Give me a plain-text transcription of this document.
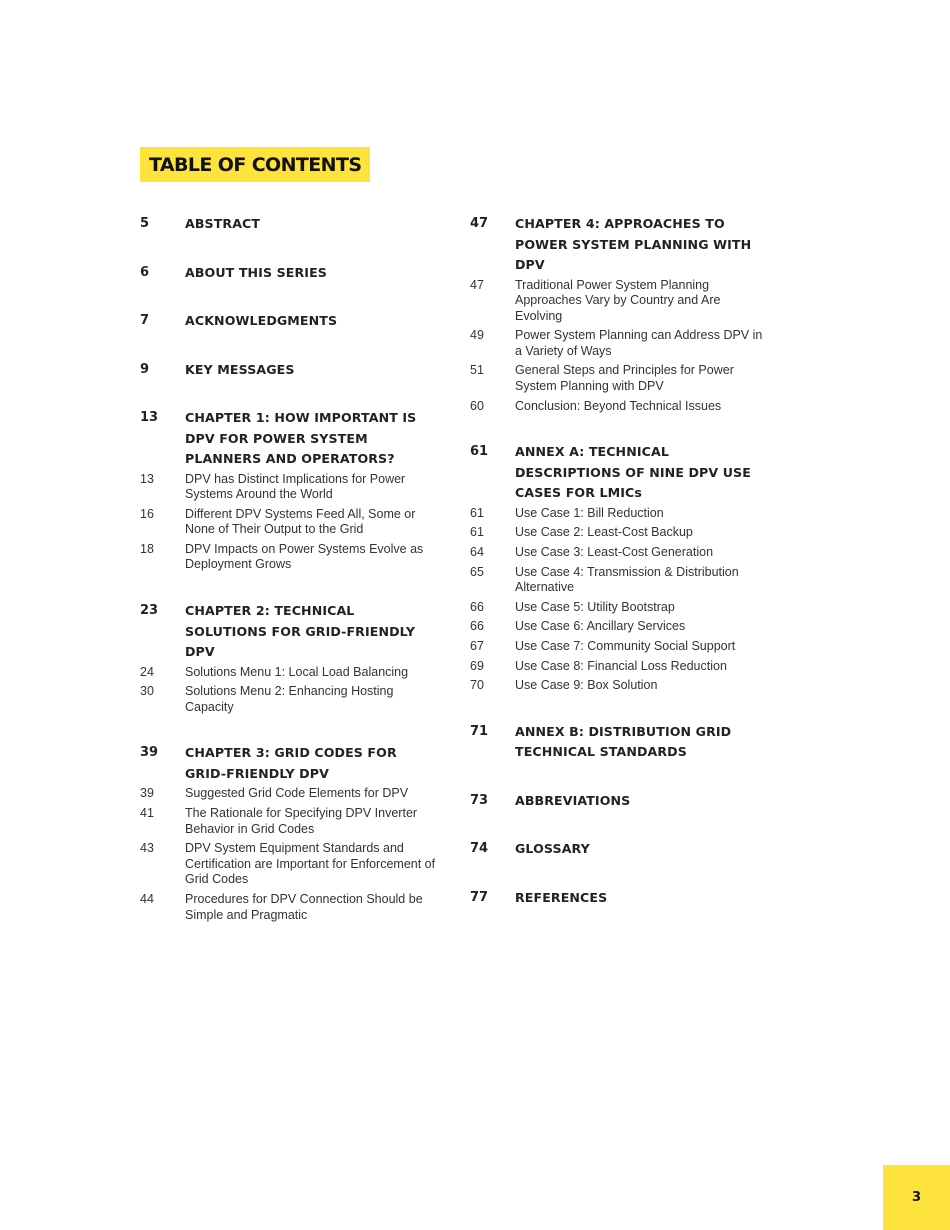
TABLE OF CONTENTS
5	ABSTRACT
6	ABOUT THIS SERIES
7	ACKNOWLEDGMENTS
9	KEY MESSAGES
13	CHAPTER 1: HOW IMPORTANT IS DPV FOR POWER SYSTEM PLANNERS AND OPERATORS?
13	DPV has Distinct Implications for Power Systems Around the World
16	Different DPV Systems Feed All, Some or None of Their Output to the Grid
18	DPV Impacts on Power Systems Evolve as Deployment Grows
23	CHAPTER 2: TECHNICAL SOLUTIONS FOR GRID-FRIENDLY DPV
24	Solutions Menu 1: Local Load Balancing
30	Solutions Menu 2: Enhancing Hosting Capacity
39	CHAPTER 3: GRID CODES FOR GRID-FRIENDLY DPV
39	Suggested Grid Code Elements for DPV
41	The Rationale for Specifying DPV Inverter Behavior in Grid Codes
43	DPV System Equipment Standards and Certification are Important for Enforcement of Grid Codes
44	Procedures for DPV Connection Should be Simple and Pragmatic
47	CHAPTER 4: APPROACHES TO POWER SYSTEM PLANNING WITH DPV
47	Traditional Power System Planning Approaches Vary by Country and Are Evolving
49	Power System Planning can Address DPV in a Variety of Ways
51	General Steps and Principles for Power System Planning with DPV
60	Conclusion: Beyond Technical Issues
61	ANNEX A: TECHNICAL DESCRIPTIONS OF NINE DPV USE CASES FOR LMICs
61	Use Case 1: Bill Reduction
61	Use Case 2: Least-Cost Backup
64	Use Case 3: Least-Cost Generation
65	Use Case 4: Transmission & Distribution Alternative
66	Use Case 5: Utility Bootstrap
66	Use Case 6: Ancillary Services
67	Use Case 7: Community Social Support
69	Use Case 8: Financial Loss Reduction
70	Use Case 9: Box Solution
71	ANNEX B: DISTRIBUTION GRID TECHNICAL STANDARDS
73	ABBREVIATIONS
74	GLOSSARY
77	REFERENCES
3
